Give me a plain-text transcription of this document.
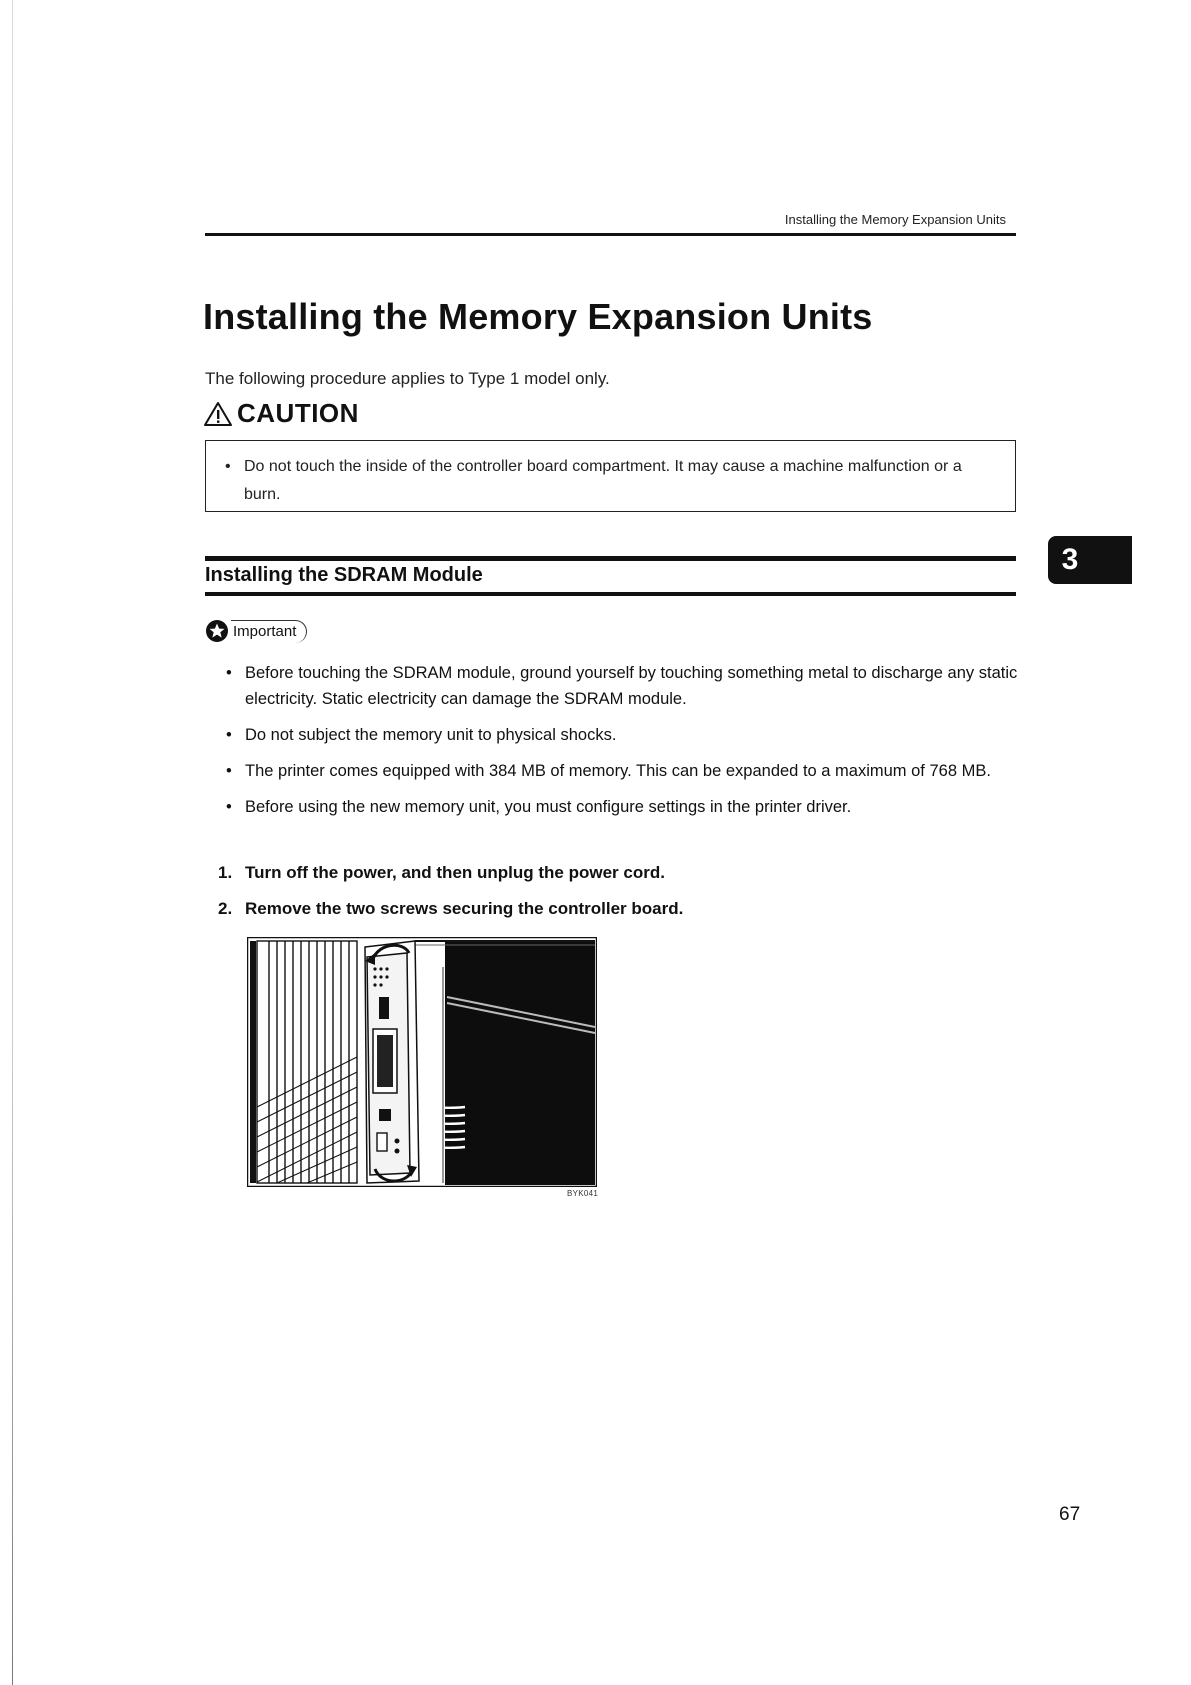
Installing the Memory Expansion Units
Installing the Memory Expansion Units
The following procedure applies to Type 1 model only.
CAUTION
• Do not touch the inside of the controller board compartment. It may cause a machine malfunction or a burn.
Installing the SDRAM Module	3
Important
• Before touching the SDRAM module, ground yourself by touching something metal to discharge any static electricity. Static electricity can damage the SDRAM module.
• Do not subject the memory unit to physical shocks.
• The printer comes equipped with 384 MB of memory. This can be expanded to a maximum of 768 MB.
• Before using the new memory unit, you must configure settings in the printer driver.
1. Turn off the power, and then unplug the power cord.
2. Remove the two screws securing the controller board.
BYK041
67
